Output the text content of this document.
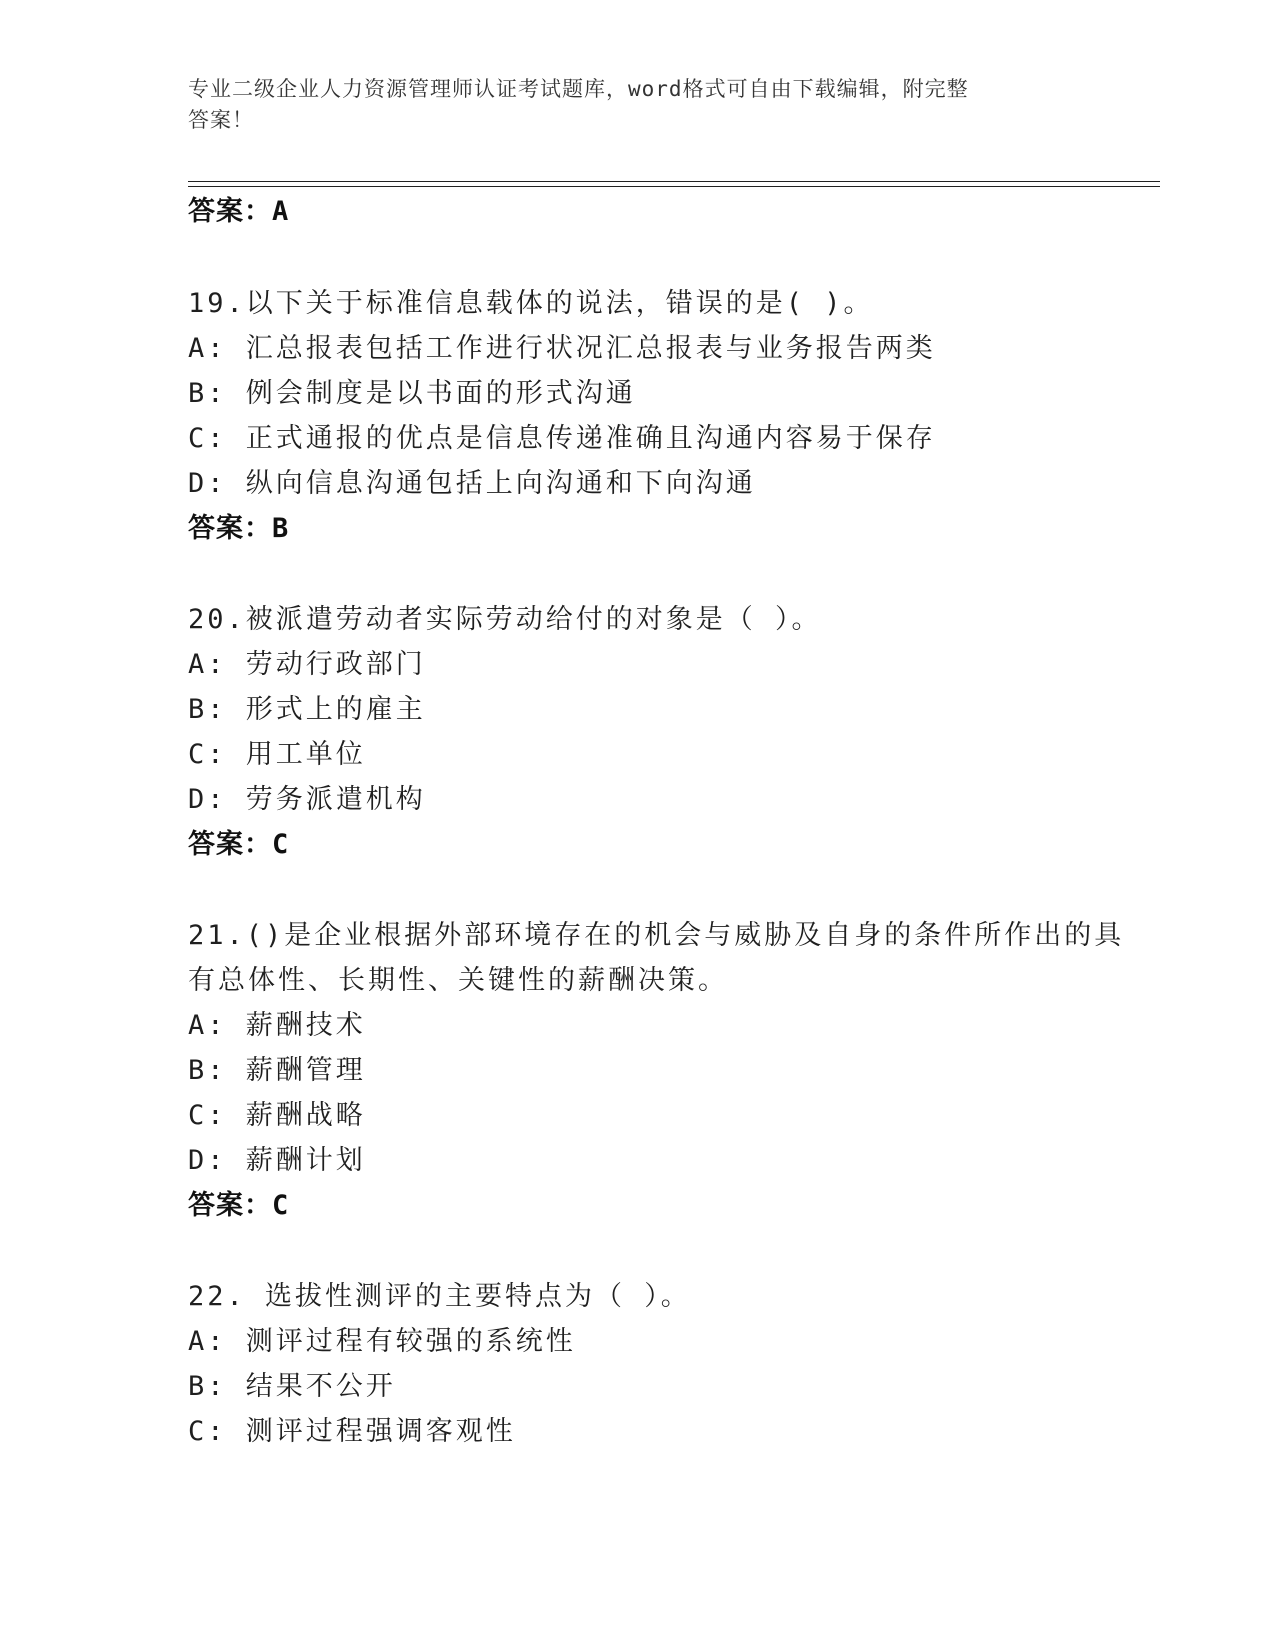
专业二级企业人力资源管理师认证考试题库，word格式可自由下载编辑，附完整
答案！
答案：A
19.以下关于标准信息载体的说法，错误的是( )。
A: 汇总报表包括工作进行状况汇总报表与业务报告两类
B: 例会制度是以书面的形式沟通
C: 正式通报的优点是信息传递准确且沟通内容易于保存
D: 纵向信息沟通包括上向沟通和下向沟通
答案：B
20.被派遣劳动者实际劳动给付的对象是（ ）。
A: 劳动行政部门
B: 形式上的雇主
C: 用工单位
D: 劳务派遣机构
答案：C
21.()是企业根据外部环境存在的机会与威胁及自身的条件所作出的具
有总体性、长期性、关键性的薪酬决策。
A: 薪酬技术
B: 薪酬管理
C: 薪酬战略
D: 薪酬计划
答案：C
22. 选拔性测评的主要特点为（ ）。
A: 测评过程有较强的系统性
B: 结果不公开
C: 测评过程强调客观性
